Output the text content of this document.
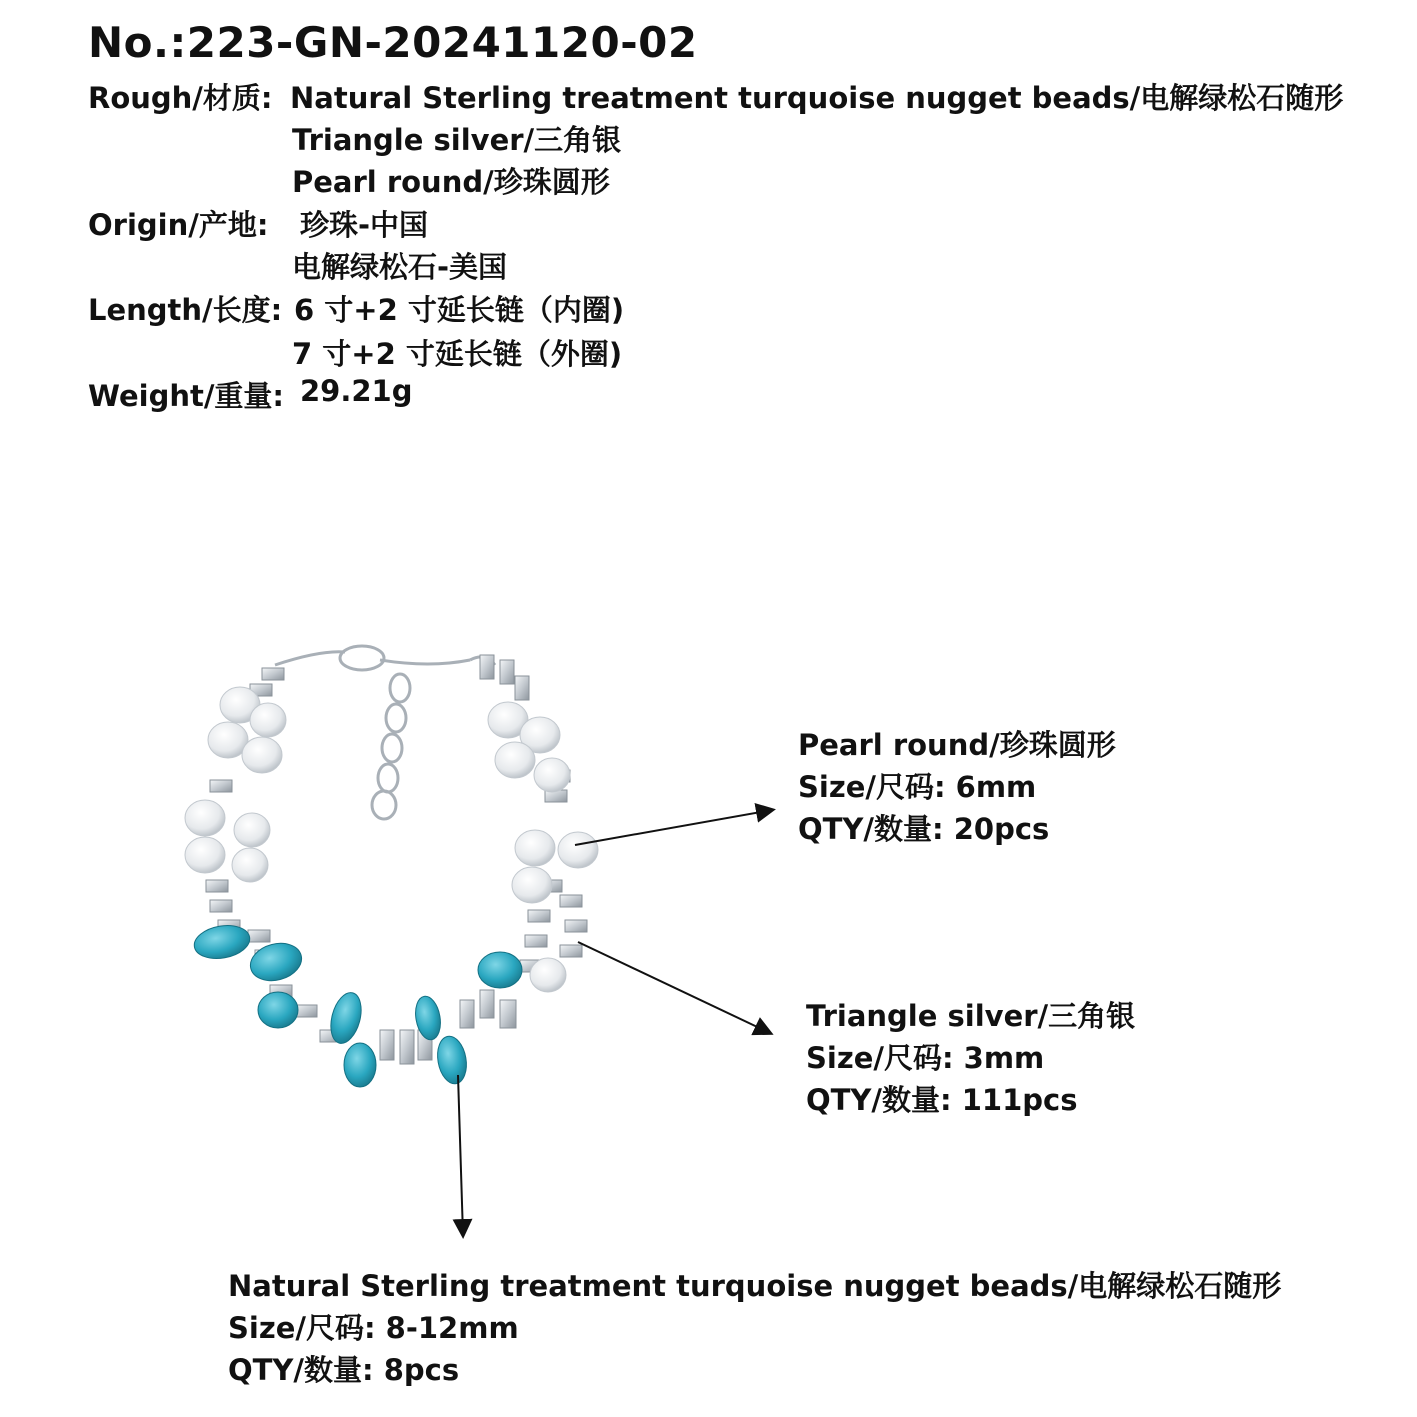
No.:223-GN-20241120-02
Rough/材质: Natural Sterling treatment turquoise nugget beads/电解绿松石随形
Triangle silver/三角银
Pearl round/珍珠圆形
Origin/产地: 珍珠-中国
电解绿松石-美国
Length/长度: 6 寸+2 寸延长链（内圈)
7 寸+2 寸延长链（外圈)
Weight/重量: 29.21g
Pearl round/珍珠圆形
Size/尺码: 6mm
QTY/数量: 20pcs
Triangle silver/三角银
Size/尺码: 3mm
QTY/数量: 111pcs
Natural Sterling treatment turquoise nugget beads/电解绿松石随形
Size/尺码: 8-12mm
QTY/数量: 8pcs
